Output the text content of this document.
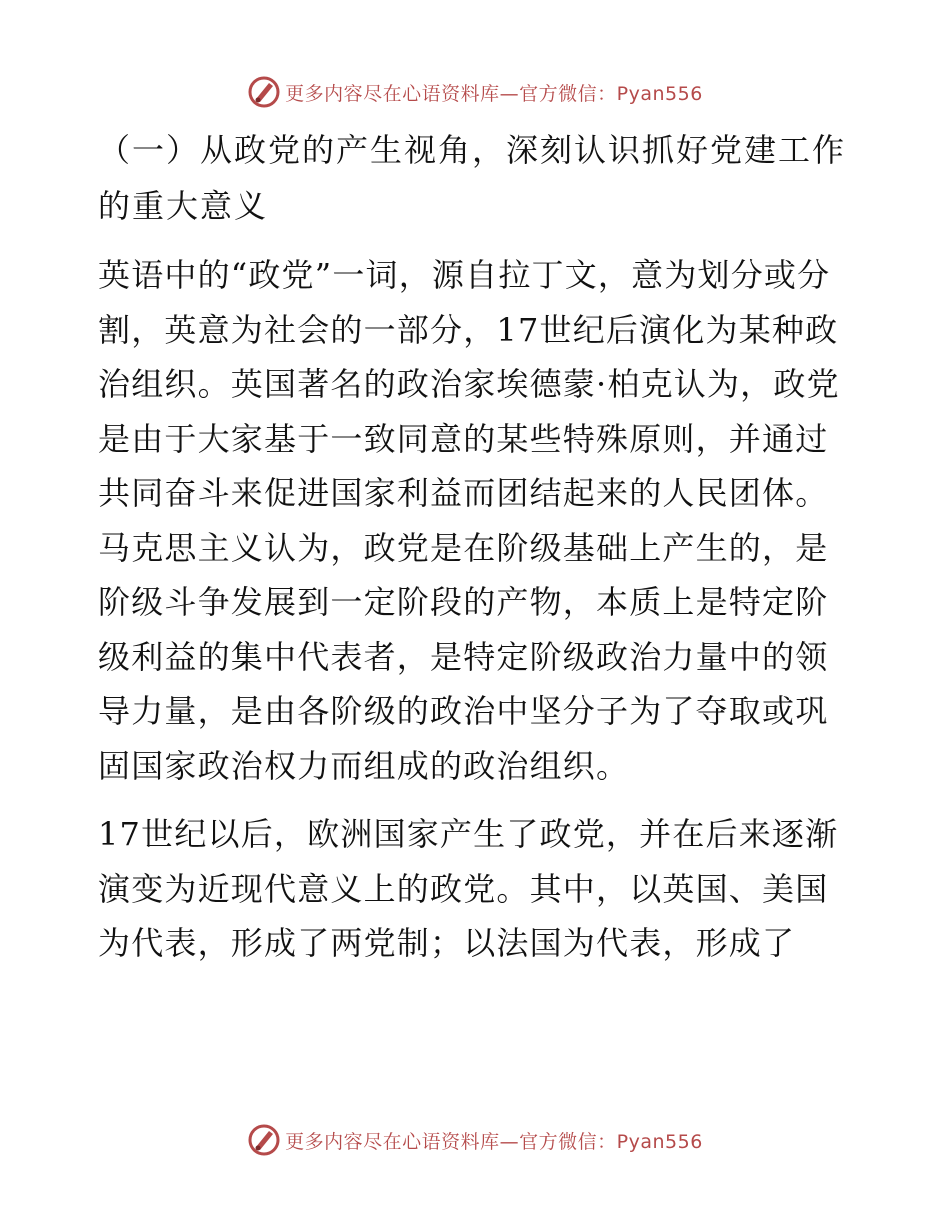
更多内容尽在心语资料库—官方微信：Pyan556
（一）从政党的产生视角，深刻认识抓好党建工作的重大意义

英语中的“政党”一词，源自拉丁文，意为划分或分割，英意为社会的一部分，17世纪后演化为某种政治组织。英国著名的政治家埃德蒙·柏克认为，政党是由于大家基于一致同意的某些特殊原则，并通过共同奋斗来促进国家利益而团结起来的人民团体。马克思主义认为，政党是在阶级基础上产生的，是阶级斗争发展到一定阶段的产物，本质上是特定阶级利益的集中代表者，是特定阶级政治力量中的领导力量，是由各阶级的政治中坚分子为了夺取或巩固国家政治权力而组成的政治组织。

17世纪以后，欧洲国家产生了政党，并在后来逐渐演变为近现代意义上的政党。其中，以英国、美国为代表，形成了两党制；以法国为代表，形成了

更多内容尽在心语资料库—官方微信：Pyan556
